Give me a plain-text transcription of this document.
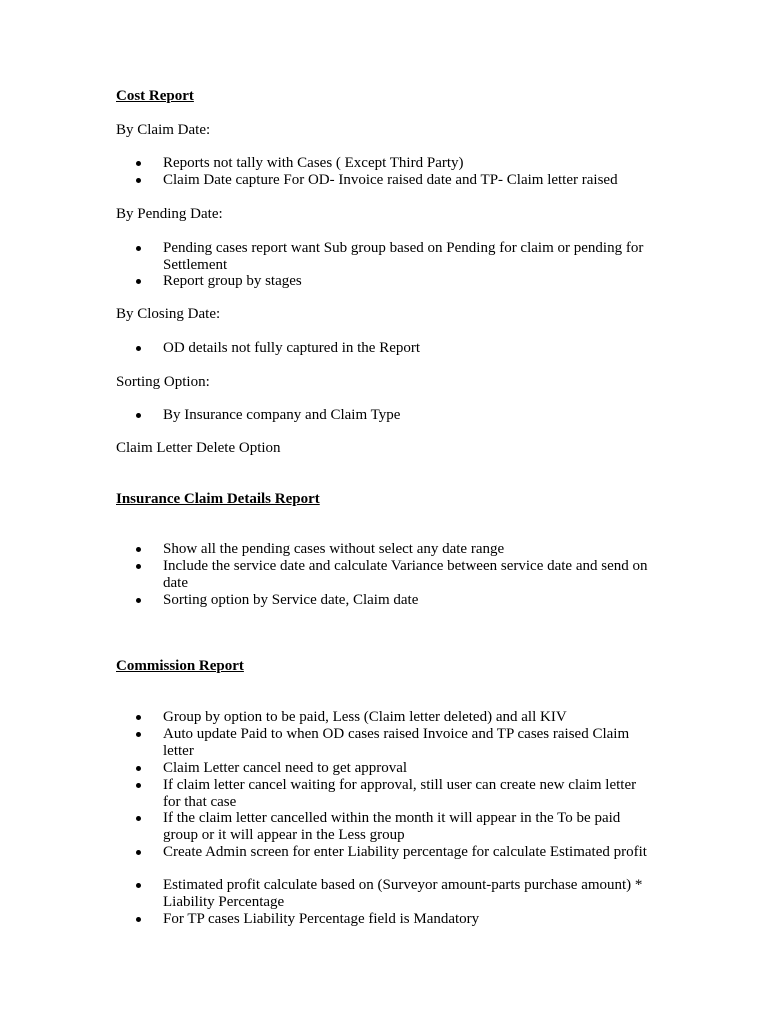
Cost Report
By Claim Date:
Reports not tally with Cases ( Except Third Party)
Claim Date capture For OD- Invoice raised date and TP- Claim letter raised
By Pending Date:
Pending cases report want Sub group based on Pending for claim or pending for Settlement
Report group by stages
By Closing Date:
OD details not fully captured in the Report
Sorting Option:
By Insurance company and Claim Type
Claim Letter Delete Option
Insurance Claim Details Report
Show all the pending cases without select any date range
Include the service date and calculate Variance between service date and send on date
Sorting option by Service date, Claim date
Commission Report
Group by option to be paid, Less (Claim letter deleted) and all KIV
Auto update Paid to when OD cases raised Invoice and TP cases raised Claim letter
Claim Letter cancel need to get approval
If claim letter cancel waiting for approval, still user can create new claim letter for that case
If the claim letter cancelled within the month it will appear in the To be paid group or it will appear in the Less group
Create Admin screen for enter Liability percentage for calculate Estimated profit
Estimated profit calculate based on (Surveyor amount-parts purchase amount) * Liability Percentage
For TP cases Liability Percentage field is Mandatory
